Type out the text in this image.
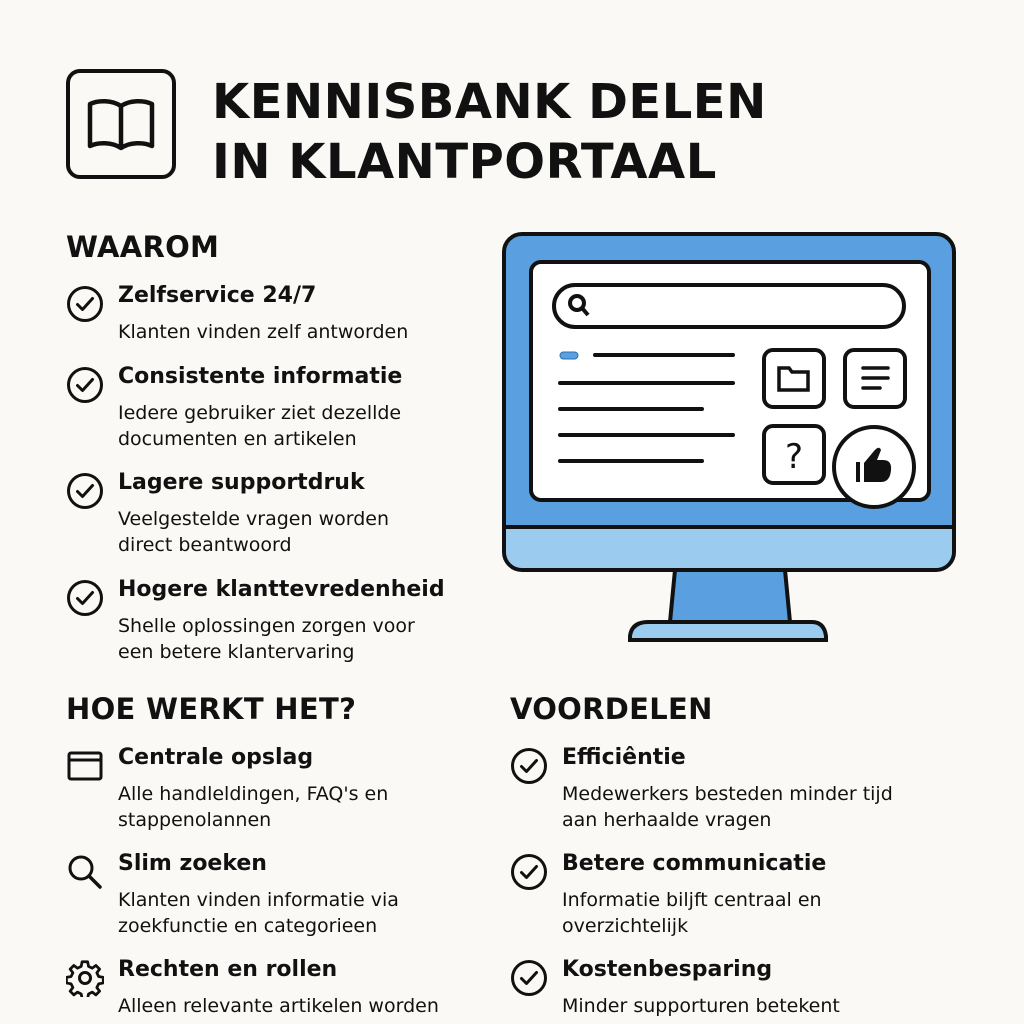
KENNISBANK DELEN
IN KLANTPORTAAL
WAAROM
HOE WERKT HET?	VOORDELEN
Zelfservice 24/7
Klanten vinden zelf antworden
Consistente informatie
Iedere gebruiker ziet dezellde
documenten en artikelen
Lagere supportdruk
Veelgestelde vragen worden
direct beantwoord
Hogere klanttevredenheid
Shelle oplossingen zorgen voor
een betere klantervaring
Centrale opslag
Alle handleldingen, FAQ's en
stappenolannen
Slim zoeken
Klanten vinden informatie via
zoekfunctie en categorieen
Rechten en rollen
Alleen relevante artikelen worden
Efficiêntie
Medewerkers besteden minder tijd
aan herhaalde vragen
Betere communicatie
Informatie biljft centraal en
overzichtelijk
Kostenbesparing
Minder supporturen betekent
?
